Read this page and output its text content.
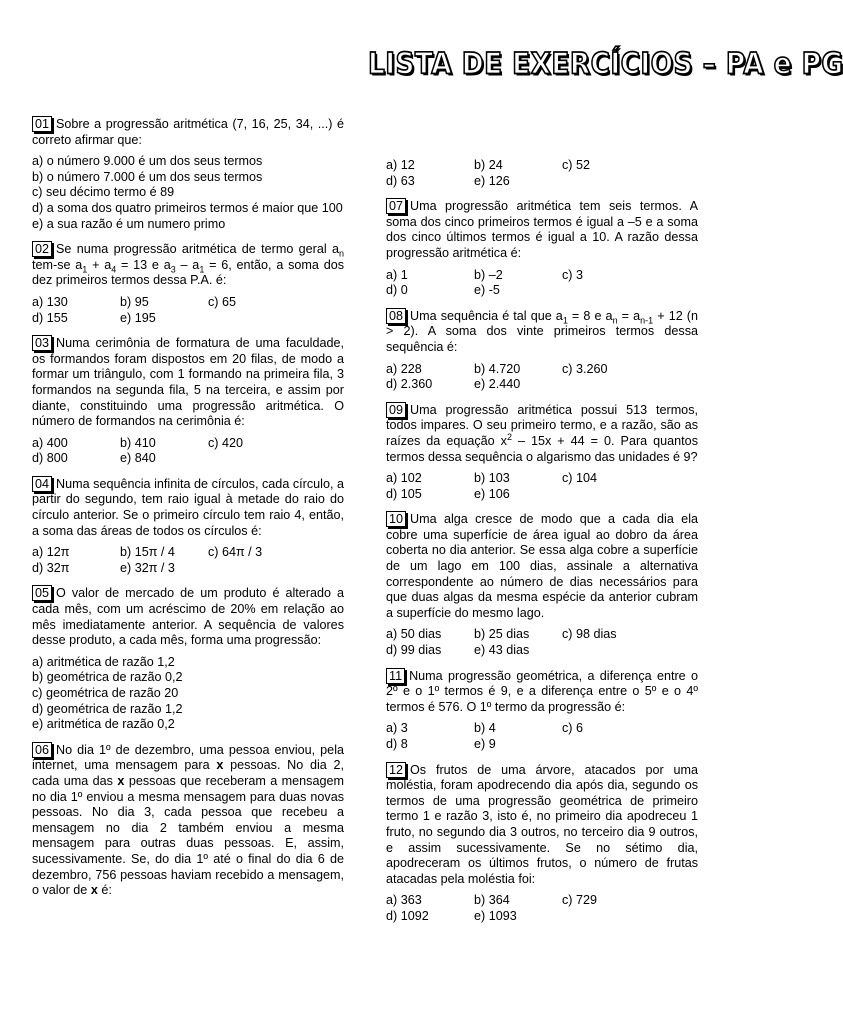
LISTA DE EXERCÍCIOS – PA e PG
01 Sobre a progressão aritmética (7, 16, 25, 34, ...) é correto afirmar que:
a) o número 9.000 é um dos seus termos
b) o número 7.000 é um dos seus termos
c) seu décimo termo é 89
d) a soma dos quatro primeiros termos é maior que 100
e) a sua razão é um numero primo
02 Se numa progressão aritmética de termo geral $a_n$ tem-se $a_1 + a_4 = 13$ e $a_3 - a_1 = 6$, então, a soma dos dez primeiros termos dessa P.A. é:
a) 130	b) 95	c) 65
d) 155	e) 195
03 Numa cerimônia de formatura de uma faculdade, os formandos foram dispostos em 20 filas, de modo a formar um triângulo, com 1 formando na primeira fila, 3 formandos na segunda fila, 5 na terceira, e assim por diante, constituindo uma progressão aritmética. O número de formandos na cerimônia é:
a) 400	b) 410	c) 420
d) 800	e) 840
04 Numa sequência infinita de círculos, cada círculo, a partir do segundo, tem raio igual à metade do raio do círculo anterior. Se o primeiro círculo tem raio 4, então, a soma das áreas de todos os círculos é:
a) 12π	b) 15π / 4	c) 64π / 3
d) 32π	e) 32π / 3
05 O valor de mercado de um produto é alterado a cada mês, com um acréscimo de 20% em relação ao mês imediatamente anterior. A sequência de valores desse produto, a cada mês, forma uma progressão:
a) aritmética de razão 1,2
b) geométrica de razão 0,2
c) geométrica de razão 20
d) geométrica de razão 1,2
e) aritmética de razão 0,2
06 No dia 1º de dezembro, uma pessoa enviou, pela internet, uma mensagem para x pessoas. No dia 2, cada uma das x pessoas que receberam a mensagem no dia 1º enviou a mesma mensagem para duas novas pessoas. No dia 3, cada pessoa que recebeu a mensagem no dia 2 também enviou a mesma mensagem para outras duas pessoas. E, assim, sucessivamente. Se, do dia 1º até o final do dia 6 de dezembro, 756 pessoas haviam recebido a mensagem, o valor de x é:
a) 12	b) 24	c) 52
d) 63	e) 126
07 Uma progressão aritmética tem seis termos. A soma dos cinco primeiros termos é igual a –5 e a soma dos cinco últimos termos é igual a 10. A razão dessa progressão aritmética é:
a) 1	b) –2	c) 3
d) 0	e) -5
08 Uma sequência é tal que $a_1 = 8$ e $a_n = a_{n-1} + 12$ (n > 2). A soma dos vinte primeiros termos dessa sequência é:
a) 228	b) 4.720	c) 3.260
d) 2.360	e) 2.440
09 Uma progressão aritmética possui 513 termos, todos impares. O seu primeiro termo, e a razão, são as raízes da equação $x^2 - 15x + 44 = 0$. Para quantos termos dessa sequência o algarismo das unidades é 9?
a) 102	b) 103	c) 104
d) 105	e) 106
10 Uma alga cresce de modo que a cada dia ela cobre uma superfície de área igual ao dobro da área coberta no dia anterior. Se essa alga cobre a superfície de um lago em 100 dias, assinale a alternativa correspondente ao número de dias necessários para que duas algas da mesma espécie da anterior cubram a superfície do mesmo lago.
a) 50 dias	b) 25 dias	c) 98 dias
d) 99 dias	e) 43 dias
11 Numa progressão geométrica, a diferença entre o 2º e o 1º termos é 9, e a diferença entre o 5º e o 4º termos é 576. O 1º termo da progressão é:
a) 3	b) 4	c) 6
d) 8	e) 9
12 Os frutos de uma árvore, atacados por uma moléstia, foram apodrecendo dia após dia, segundo os termos de uma progressão geométrica de primeiro termo 1 e razão 3, isto é, no primeiro dia apodreceu 1 fruto, no segundo dia 3 outros, no terceiro dia 9 outros, e assim sucessivamente. Se no sétimo dia, apodreceram os últimos frutos, o número de frutas atacadas pela moléstia foi:
a) 363	b) 364	c) 729
d) 1092	e) 1093
